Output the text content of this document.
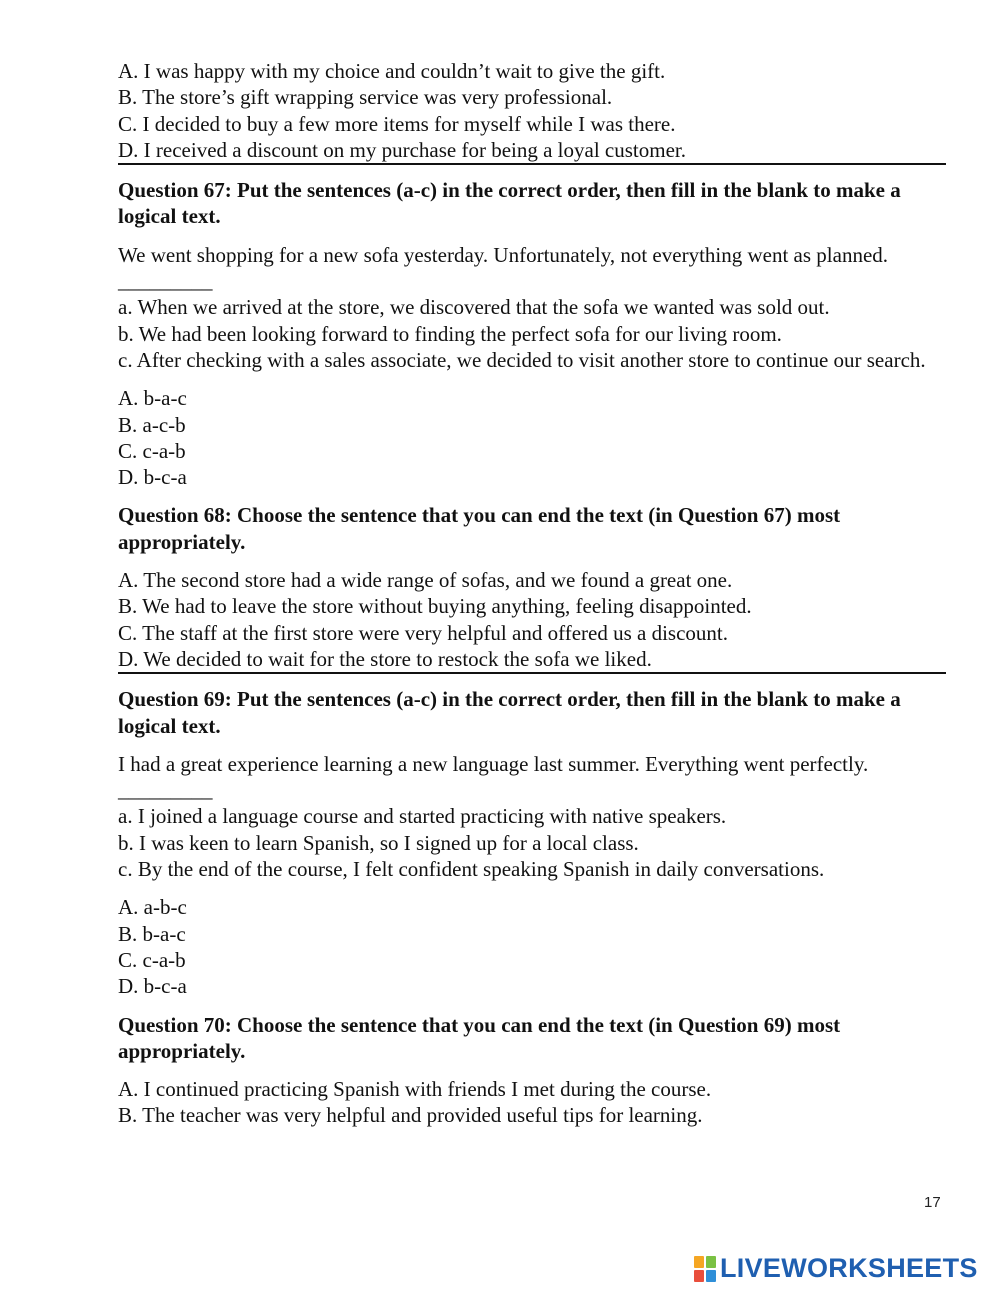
A. I was happy with my choice and couldn’t wait to give the gift.
B. The store’s gift wrapping service was very professional.
C. I decided to buy a few more items for myself while I was there.
D. I received a discount on my purchase for being a loyal customer.
Question 67: Put the sentences (a-c) in the correct order, then fill in the blank to make a logical text.
We went shopping for a new sofa yesterday. Unfortunately, not everything went as planned. _________
a. When we arrived at the store, we discovered that the sofa we wanted was sold out.
b. We had been looking forward to finding the perfect sofa for our living room.
c. After checking with a sales associate, we decided to visit another store to continue our search.
A. b-a-c
B. a-c-b
C. c-a-b
D. b-c-a
Question 68: Choose the sentence that you can end the text (in Question 67) most appropriately.
A. The second store had a wide range of sofas, and we found a great one.
B. We had to leave the store without buying anything, feeling disappointed.
C. The staff at the first store were very helpful and offered us a discount.
D. We decided to wait for the store to restock the sofa we liked.
Question 69: Put the sentences (a-c) in the correct order, then fill in the blank to make a logical text.
I had a great experience learning a new language last summer. Everything went perfectly. _________
a. I joined a language course and started practicing with native speakers.
b. I was keen to learn Spanish, so I signed up for a local class.
c. By the end of the course, I felt confident speaking Spanish in daily conversations.
A. a-b-c
B. b-a-c
C. c-a-b
D. b-c-a
Question 70: Choose the sentence that you can end the text (in Question 69) most appropriately.
A. I continued practicing Spanish with friends I met during the course.
B. The teacher was very helpful and provided useful tips for learning.
17
LIVEWORKSHEETS
